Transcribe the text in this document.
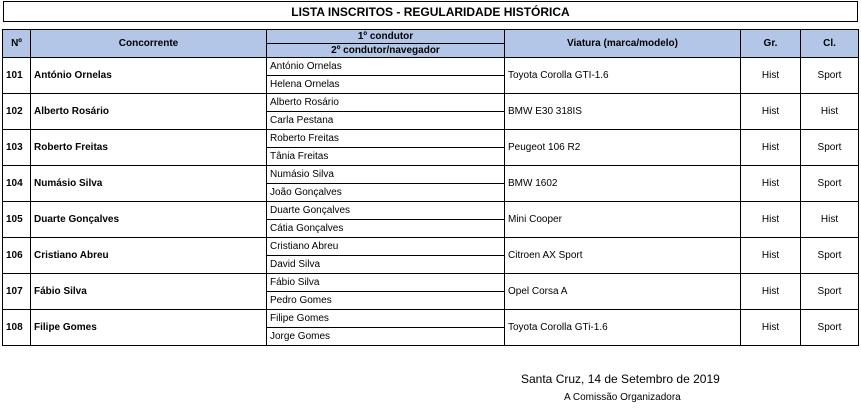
LISTA INSCRITOS - REGULARIDADE HISTÓRICA
Nº	Concorrente	1º condutor	Viatura (marca/modelo)	Gr.	Cl.
		2º condutor/navegador			
101	António Ornelas	António Ornelas	Toyota Corolla GTI-1.6	Hist	Sport
		Helena Ornelas			
102	Alberto Rosário	Alberto Rosário	BMW E30 318IS	Hist	Hist
		Carla Pestana			
103	Roberto Freitas	Roberto Freitas	Peugeot 106 R2	Hist	Sport
		Tânia Freitas			
104	Numásio Silva	Numásio Silva	BMW 1602	Hist	Sport
		João Gonçalves			
105	Duarte Gonçalves	Duarte Gonçalves	Mini Cooper	Hist	Hist
		Cátia Gonçalves			
106	Cristiano Abreu	Cristiano Abreu	Citroen AX Sport	Hist	Sport
		David Silva			
107	Fábio Silva	Fábio Silva	Opel Corsa A	Hist	Sport
		Pedro Gomes			
108	Filipe Gomes	Filipe Gomes	Toyota Corolla GTi-1.6	Hist	Sport
		Jorge Gomes			
Santa Cruz, 14 de Setembro de 2019
A Comissão Organizadora
